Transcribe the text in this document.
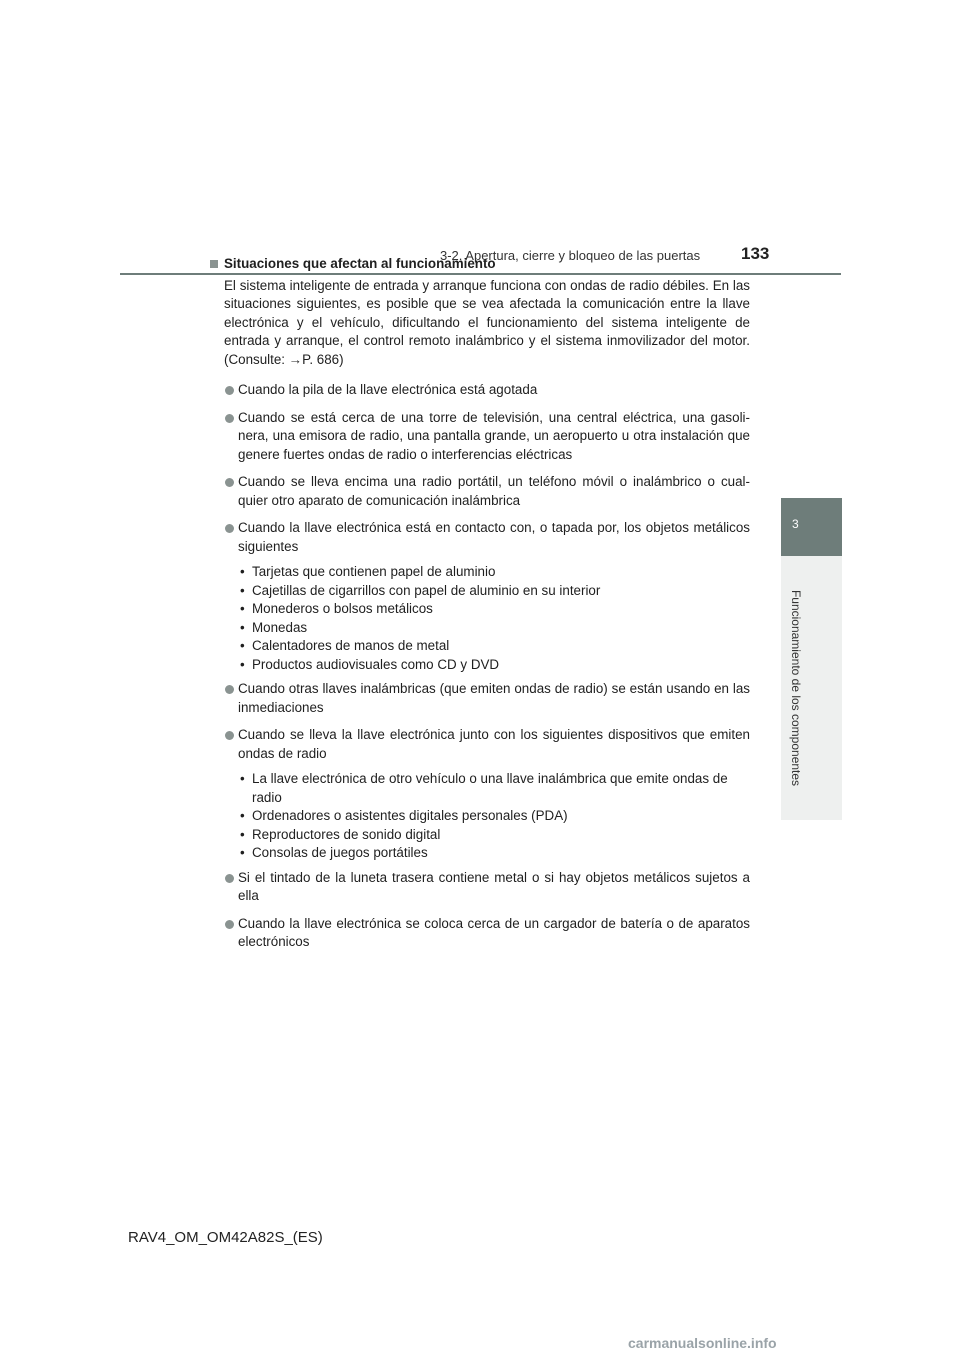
3-2. Apertura, cierre y bloqueo de las puertas 133
3
Funcionamiento de los componentes
Situaciones que afectan al funcionamiento
El sistema inteligente de entrada y arranque funciona con ondas de radio débiles. En las situaciones siguientes, es posible que se vea afectada la comunicación entre la llave electrónica y el vehículo, dificultando el funcionamiento del sistema inteligente de entrada y arranque, el control remoto inalámbrico y el sistema inmovilizador del motor. (Consulte: →P. 686)
Cuando la pila de la llave electrónica está agotada
Cuando se está cerca de una torre de televisión, una central eléctrica, una gasoli-nera, una emisora de radio, una pantalla grande, un aeropuerto u otra instalación que genere fuertes ondas de radio o interferencias eléctricas
Cuando se lleva encima una radio portátil, un teléfono móvil o inalámbrico o cual-quier otro aparato de comunicación inalámbrica
Cuando la llave electrónica está en contacto con, o tapada por, los objetos metálicos siguientes
• Tarjetas que contienen papel de aluminio
• Cajetillas de cigarrillos con papel de aluminio en su interior
• Monederos o bolsos metálicos
• Monedas
• Calentadores de manos de metal
• Productos audiovisuales como CD y DVD
Cuando otras llaves inalámbricas (que emiten ondas de radio) se están usando en las inmediaciones
Cuando se lleva la llave electrónica junto con los siguientes dispositivos que emiten ondas de radio
• La llave electrónica de otro vehículo o una llave inalámbrica que emite ondas de radio
• Ordenadores o asistentes digitales personales (PDA)
• Reproductores de sonido digital
• Consolas de juegos portátiles
Si el tintado de la luneta trasera contiene metal o si hay objetos metálicos sujetos a ella
Cuando la llave electrónica se coloca cerca de un cargador de batería o de aparatos electrónicos
RAV4_OM_OM42A82S_(ES)
carmanualsonline.info
